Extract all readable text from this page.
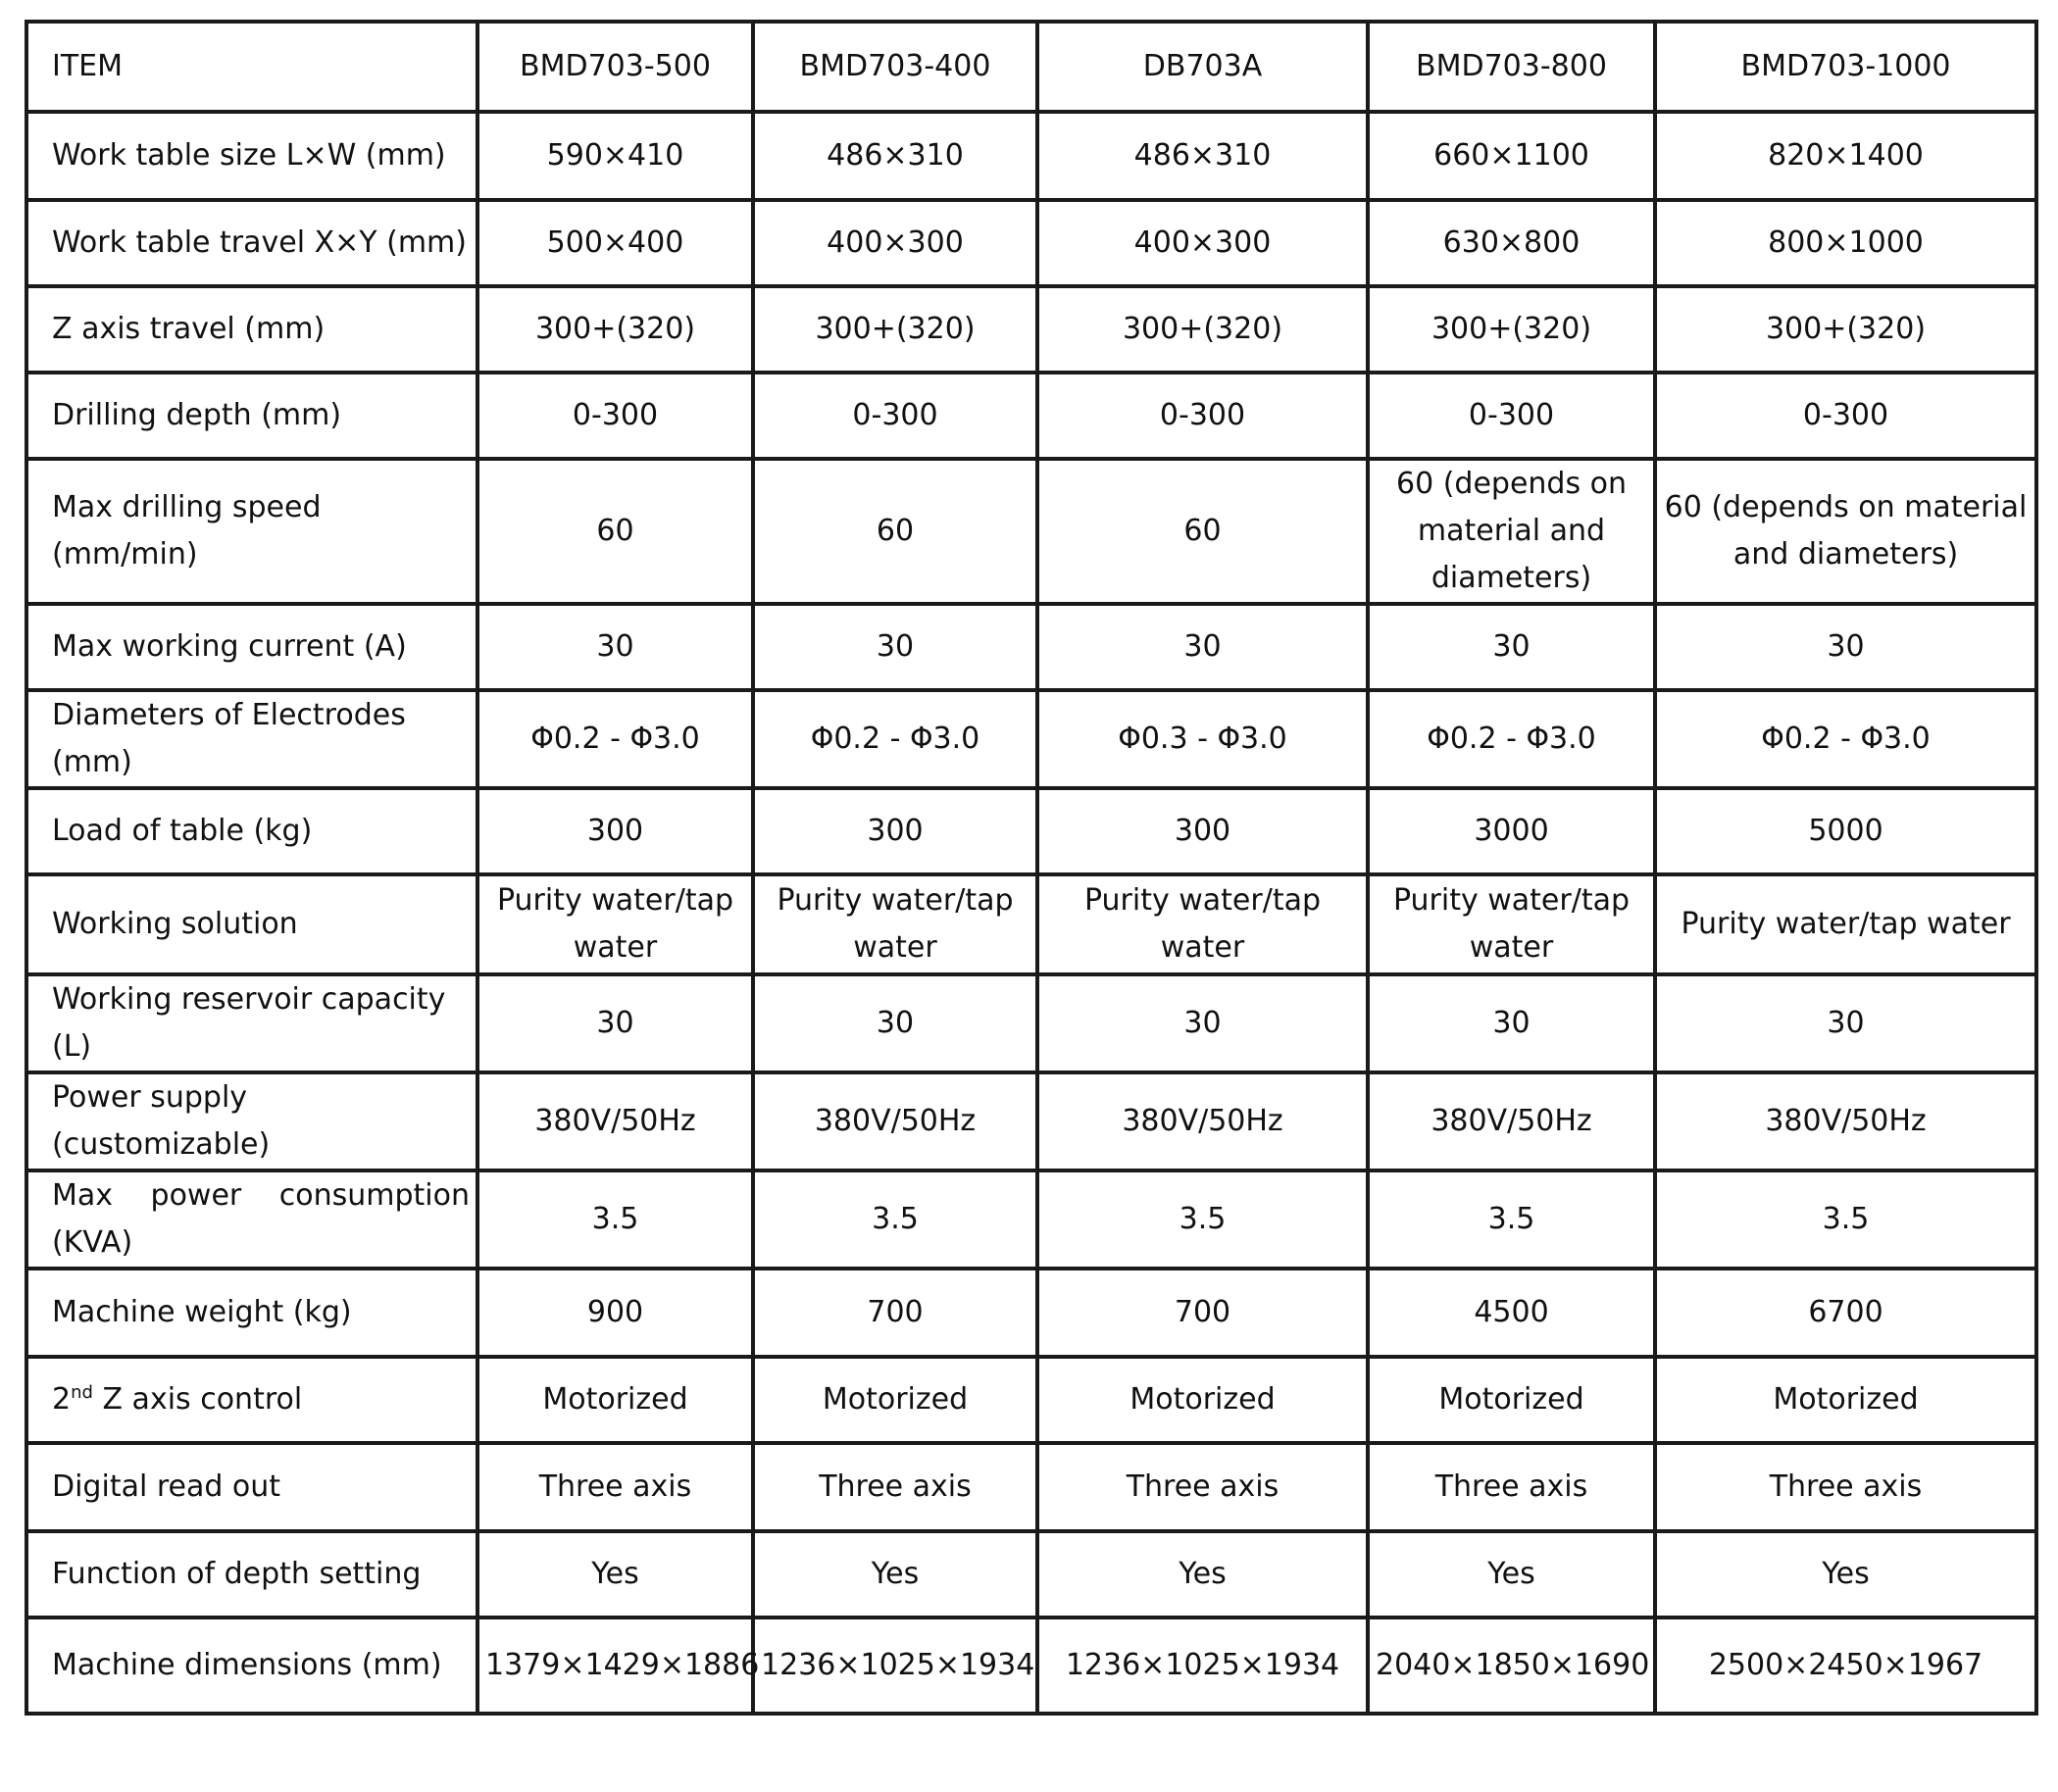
ITEM	BMD703-500	BMD703-400	DB703A	BMD703-800	BMD703-1000
Work table size L×W (mm)	590×410	486×310	486×310	660×1100	820×1400
Work table travel X×Y (mm)	500×400	400×300	400×300	630×800	800×1000
Z axis travel (mm)	300+(320)	300+(320)	300+(320)	300+(320)	300+(320)
Drilling depth (mm)	0-300	0-300	0-300	0-300	0-300
Max drilling speed (mm/min)	60	60	60	60 (depends on material and diameters)	60 (depends on material and diameters)
Max working current (A)	30	30	30	30	30
Diameters of Electrodes (mm)	Φ0.2 - Φ3.0	Φ0.2 - Φ3.0	Φ0.3 - Φ3.0	Φ0.2 - Φ3.0	Φ0.2 - Φ3.0
Load of table (kg)	300	300	300	3000	5000
Working solution	Purity water/tap water	Purity water/tap water	Purity water/tap water	Purity water/tap water	Purity water/tap water
Working reservoir capacity (L)	30	30	30	30	30
Power supply (customizable)	380V/50Hz	380V/50Hz	380V/50Hz	380V/50Hz	380V/50Hz
Max power consumption (KVA)	3.5	3.5	3.5	3.5	3.5
Machine weight (kg)	900	700	700	4500	6700
2nd Z axis control	Motorized	Motorized	Motorized	Motorized	Motorized
Digital read out	Three axis	Three axis	Three axis	Three axis	Three axis
Function of depth setting	Yes	Yes	Yes	Yes	Yes
Machine dimensions (mm)	1379×1429×1886	1236×1025×1934	1236×1025×1934	2040×1850×1690	2500×2450×1967
